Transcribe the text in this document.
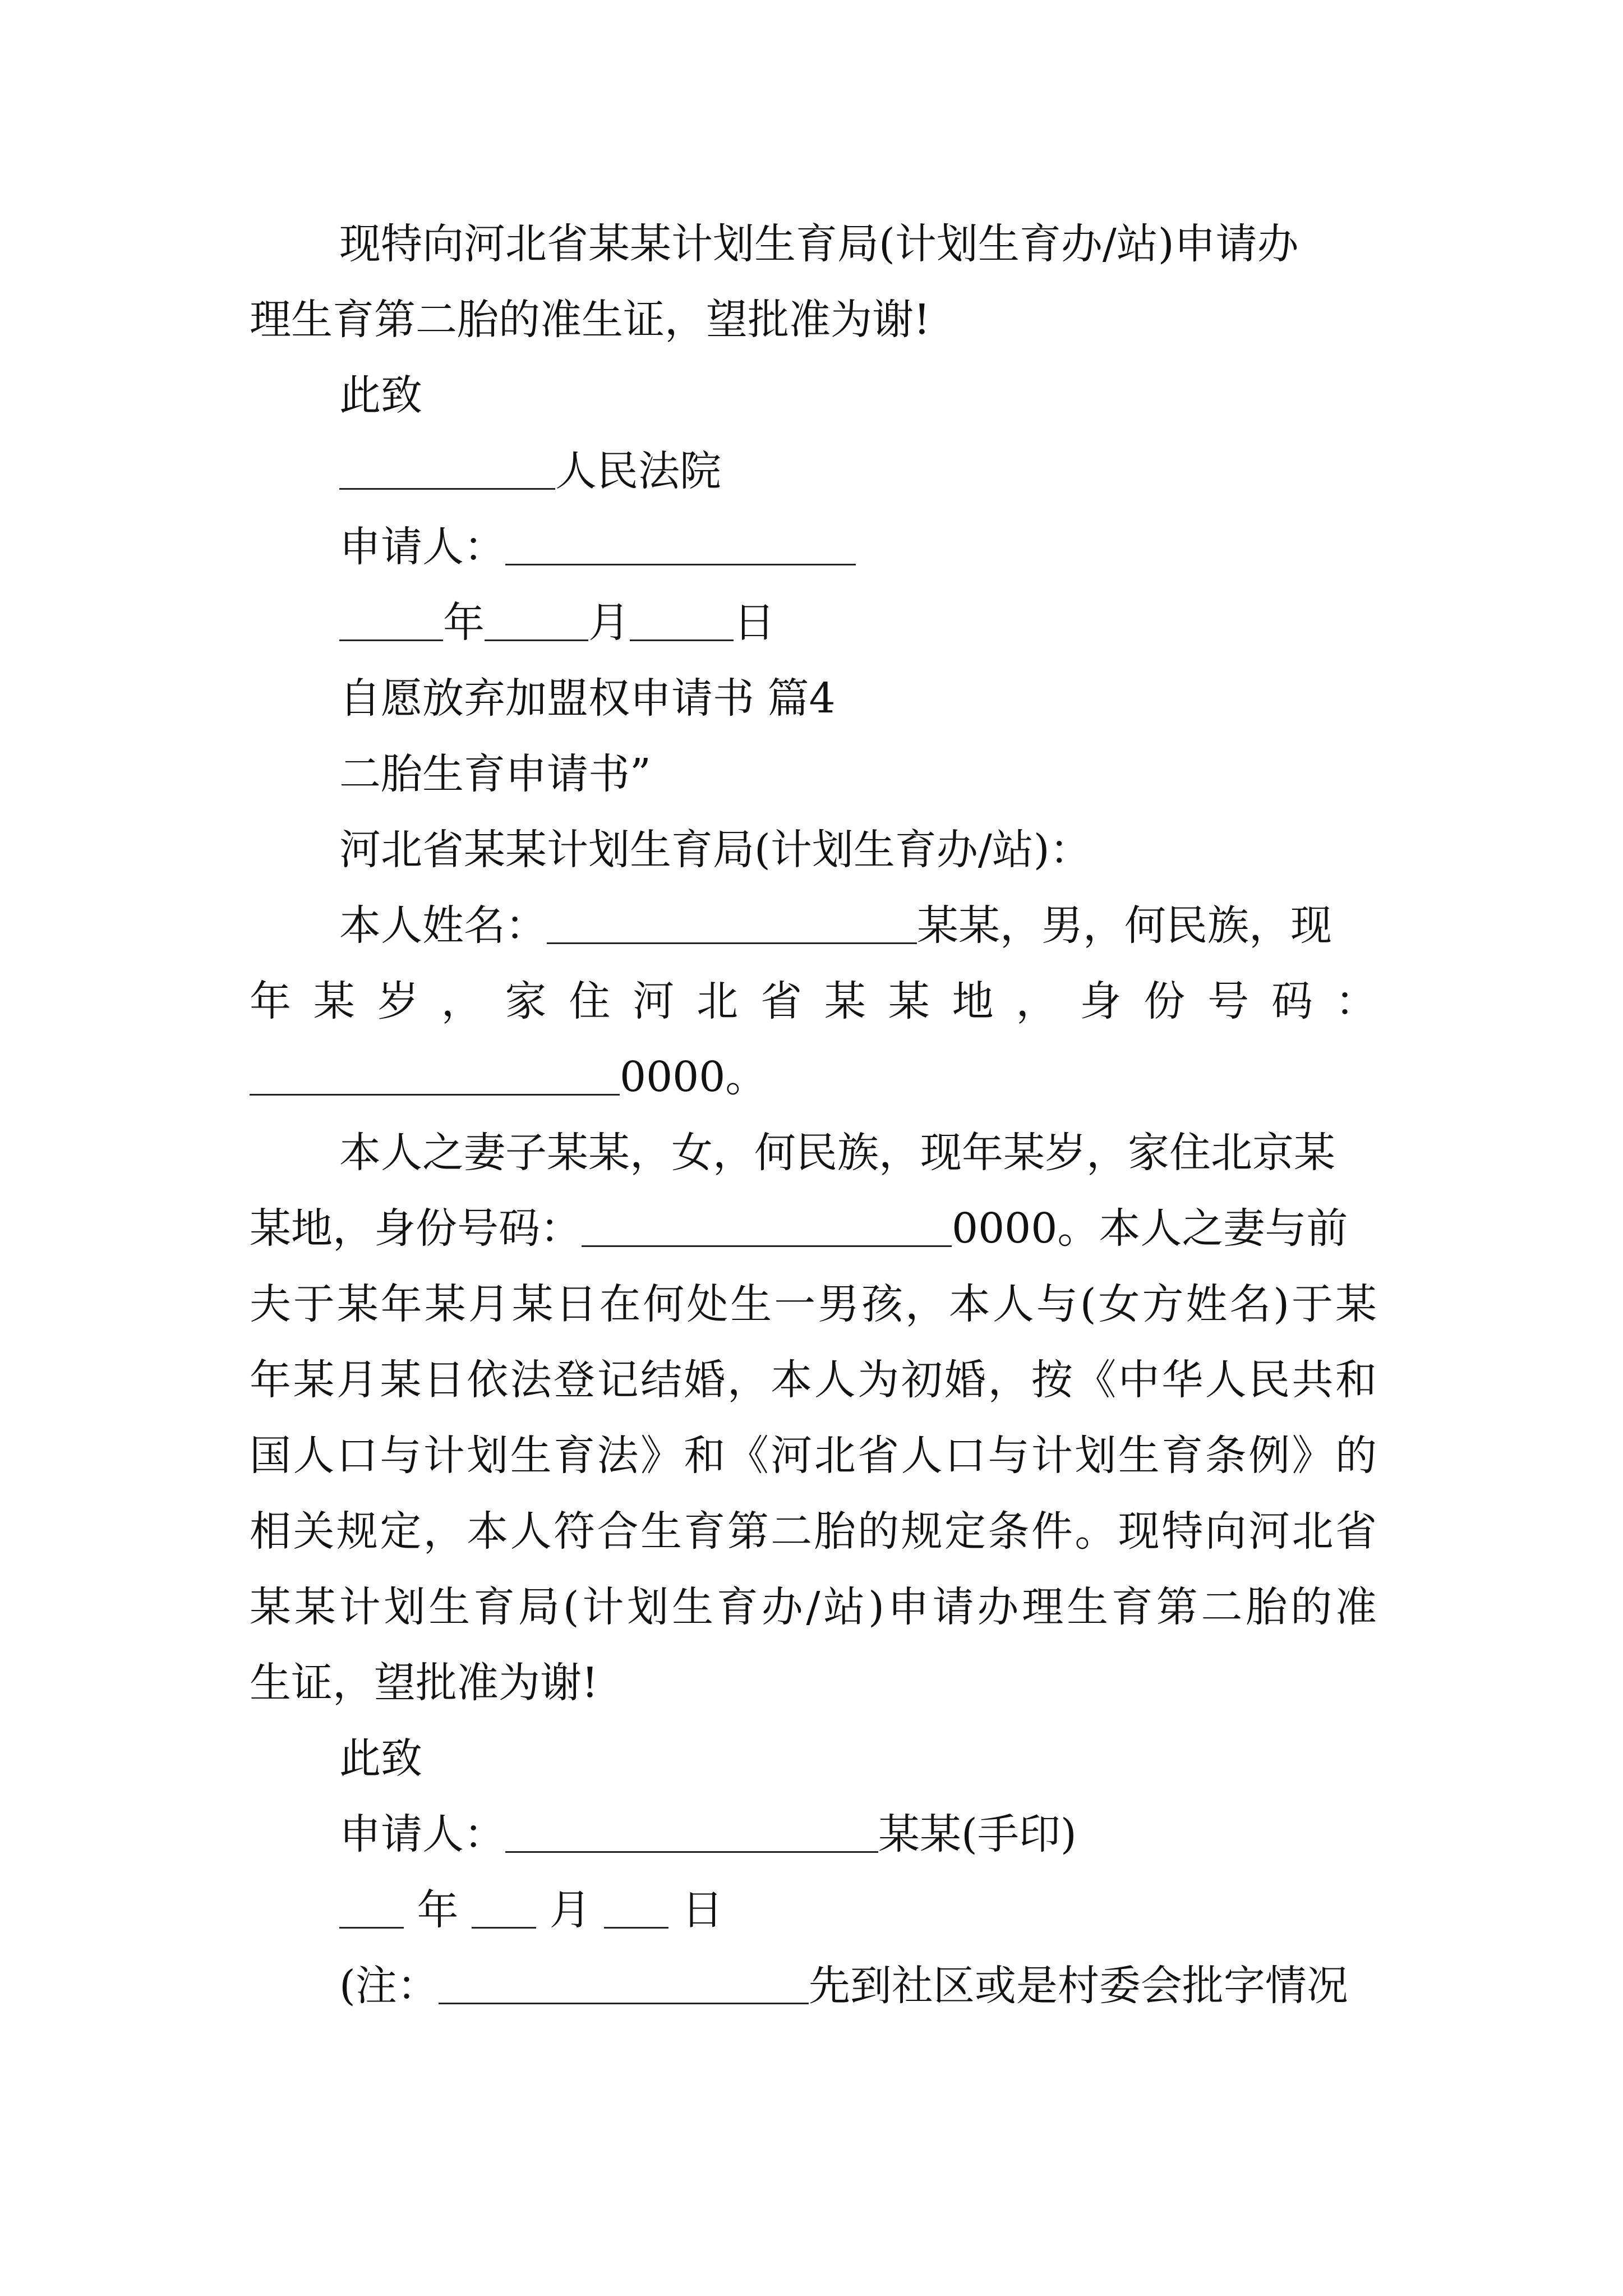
现特向河北省某某计划生育局(计划生育办/站)申请办
理生育第二胎的准生证，望批准为谢!
此致
人民法院
申请人：
年	月	日
自愿放弃加盟权申请书 篇4
二胎生育申请书”
河北省某某计划生育局(计划生育办/站)：
本人姓名：	某某，男，何民族，现
年 某 岁 ， 家 住 河 北 省 某 某 地 ， 身 份 号 码 ：
0000。
本人之妻子某某，女，何民族，现年某岁，家住北京某
某地，身份号码：	0000。本人之妻与前
夫于某年某月某日在何处生一男孩，本人与(女方姓名)于某
年某月某日依法登记结婚，本人为初婚，按《中华人民共和
国人口与计划生育法》和《河北省人口与计划生育条例》的
相关规定，本人符合生育第二胎的规定条件。现特向河北省
某某计划生育局(计划生育办/站)申请办理生育第二胎的准
生证，望批准为谢!
此致
申请人：	某某(手印)
年 月 日
(注：	先到社区或是村委会批字情况
